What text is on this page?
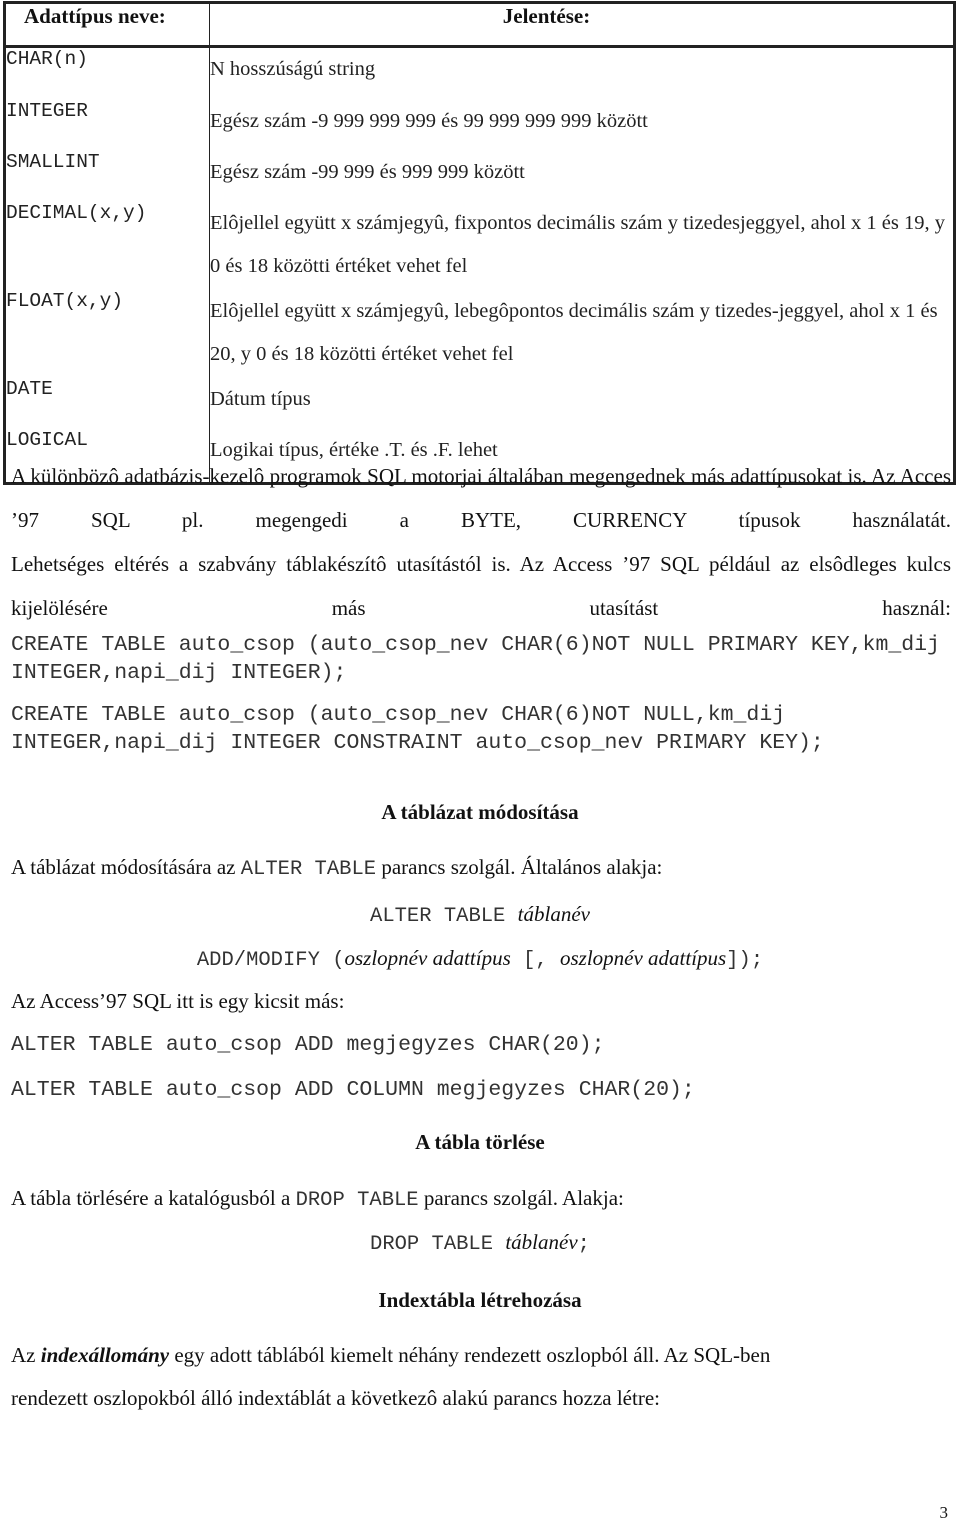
Adattípus neve:	Jelentése:
CHAR(n)	N hosszúságú string
INTEGER	Egész szám -9 999 999 999 és 99 999 999 999 között
SMALLINT	Egész szám -99 999 és 999 999 között
DECIMAL(x,y)	Elôjellel együtt x számjegyû, fixpontos decimális szám y tizedesjeggyel, ahol x 1 és 19, y 0 és 18 közötti értéket vehet fel
FLOAT(x,y)	Elôjellel együtt x számjegyû, lebegôpontos decimális szám y tizedes-jeggyel, ahol x 1 és 20, y 0 és 18 közötti értéket vehet fel
DATE	Dátum típus
LOGICAL	Logikai típus, értéke .T. és .F. lehet

A különbözô adatbázis-kezelô programok SQL motorjai általában megengednek más adattípusokat is. Az Acces ’97 SQL pl. megengedi a BYTE, CURRENCY típusok használatát.

Lehetséges eltérés a szabvány táblakészítô utasítástól is. Az Access ’97 SQL például az elsôdleges kulcs kijelölésére más utasítást használ:

CREATE TABLE auto_csop (auto_csop_nev CHAR(6)NOT NULL PRIMARY KEY,km_dij INTEGER,napi_dij INTEGER);
CREATE TABLE auto_csop (auto_csop_nev CHAR(6)NOT NULL,km_dij INTEGER,napi_dij INTEGER CONSTRAINT auto_csop_nev PRIMARY KEY);
A táblázat módosítása
A táblázat módosítására az ALTER TABLE parancs szolgál. Általános alakja:
ALTER TABLE táblanév
ADD/MODIFY (oszlopnév adattípus [, oszlopnév adattípus]);
Az Access’97 SQL itt is egy kicsit más:
ALTER TABLE auto_csop ADD megjegyzes CHAR(20);
ALTER TABLE auto_csop ADD COLUMN megjegyzes CHAR(20);
A tábla törlése
A tábla törlésére a katalógusból a DROP TABLE parancs szolgál. Alakja:
DROP TABLE táblanév;
Indextábla létrehozása
Az indexállomány egy adott táblából kiemelt néhány rendezett oszlopból áll. Az SQL-ben
rendezett oszlopokból álló indextáblát a következô alakú parancs hozza létre:
3
